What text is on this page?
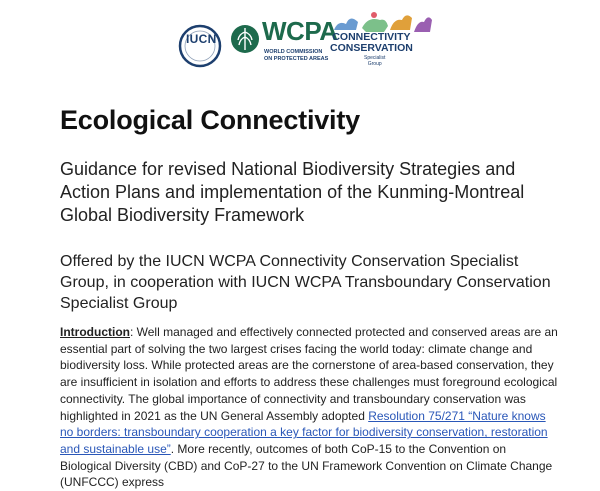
IUCN WCPA
WORLD COMMISSION
ON PROTECTED AREAS
CONNECTIVITY
CONSERVATION
Specialist
Group
Ecological Connectivity

Guidance for revised National Biodiversity Strategies and Action Plans and implementation of the Kunming-Montreal Global Biodiversity Framework

Offered by the IUCN WCPA Connectivity Conservation Specialist Group, in cooperation with IUCN WCPA Transboundary Conservation Specialist Group

Introduction: Well managed and effectively connected protected and conserved areas are an essential part of solving the two largest crises facing the world today: climate change and biodiversity loss. While protected areas are the cornerstone of area-based conservation, they are insufficient in isolation and efforts to address these challenges must foreground ecological connectivity. The global importance of connectivity and transboundary conservation was highlighted in 2021 as the UN General Assembly adopted Resolution 75/271 “Nature knows no borders: transboundary cooperation a key factor for biodiversity conservation, restoration and sustainable use”. More recently, outcomes of both CoP-15 to the Convention on Biological Diversity (CBD) and CoP-27 to the UN Framework Convention on Climate Change (UNFCCC) express
